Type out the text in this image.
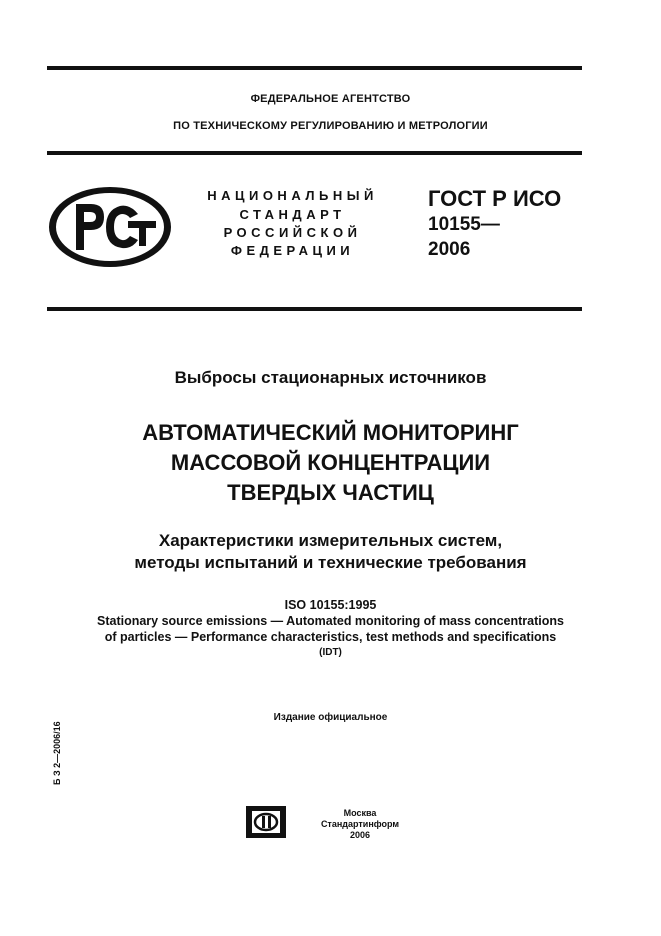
ФЕДЕРАЛЬНОЕ АГЕНТСТВО
ПО ТЕХНИЧЕСКОМУ РЕГУЛИРОВАНИЮ И МЕТРОЛОГИИ
НАЦИОНАЛЬНЫЙ
СТАНДАРТ
РОССИЙСКОЙ
ФЕДЕРАЦИИ
ГОСТ Р ИСО
10155—
2006
Выбросы стационарных источников
АВТОМАТИЧЕСКИЙ МОНИТОРИНГ
МАССОВОЙ КОНЦЕНТРАЦИИ
ТВЕРДЫХ ЧАСТИЦ
Характеристики измерительных систем,
методы испытаний и технические требования
ISO 10155:1995
Stationary source emissions — Automated monitoring of mass concentrations
of particles — Performance characteristics, test methods and specifications
(IDT)
Издание официальное
Б З 2—2006/16
Москва
Стандартинформ
2006
